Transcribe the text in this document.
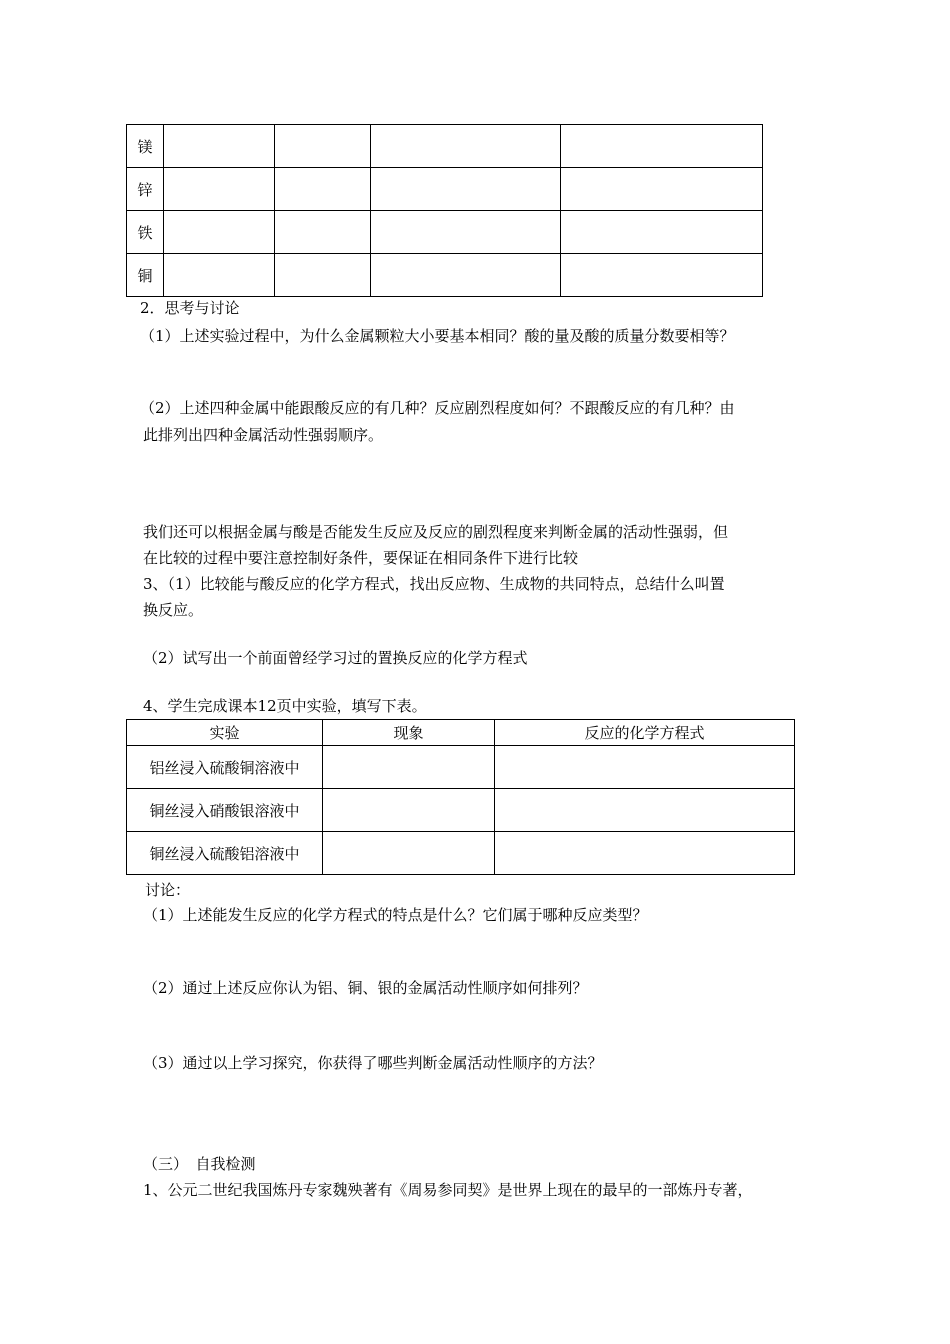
镁				
锌				
铁				
铜				
2．思考与讨论
（1）上述实验过程中，为什么金属颗粒大小要基本相同？酸的量及酸的质量分数要相等？
（2）上述四种金属中能跟酸反应的有几种？反应剧烈程度如何？不跟酸反应的有几种？由
此排列出四种金属活动性强弱顺序。
我们还可以根据金属与酸是否能发生反应及反应的剧烈程度来判断金属的活动性强弱，但
在比较的过程中要注意控制好条件，要保证在相同条件下进行比较
3、（1）比较能与酸反应的化学方程式，找出反应物、生成物的共同特点，总结什么叫置
换反应。
（2）试写出一个前面曾经学习过的置换反应的化学方程式
4、学生完成课本12页中实验，填写下表。
实验	现象	反应的化学方程式
铝丝浸入硫酸铜溶液中		
铜丝浸入硝酸银溶液中		
铜丝浸入硫酸铝溶液中		
讨论：
（1）上述能发生反应的化学方程式的特点是什么？它们属于哪种反应类型？
（2）通过上述反应你认为铝、铜、银的金属活动性顺序如何排列？
（3）通过以上学习探究，你获得了哪些判断金属活动性顺序的方法？
（三）　自我检测
1、公元二世纪我国炼丹专家魏殃著有《周易参同契》是世界上现在的最早的一部炼丹专著，
